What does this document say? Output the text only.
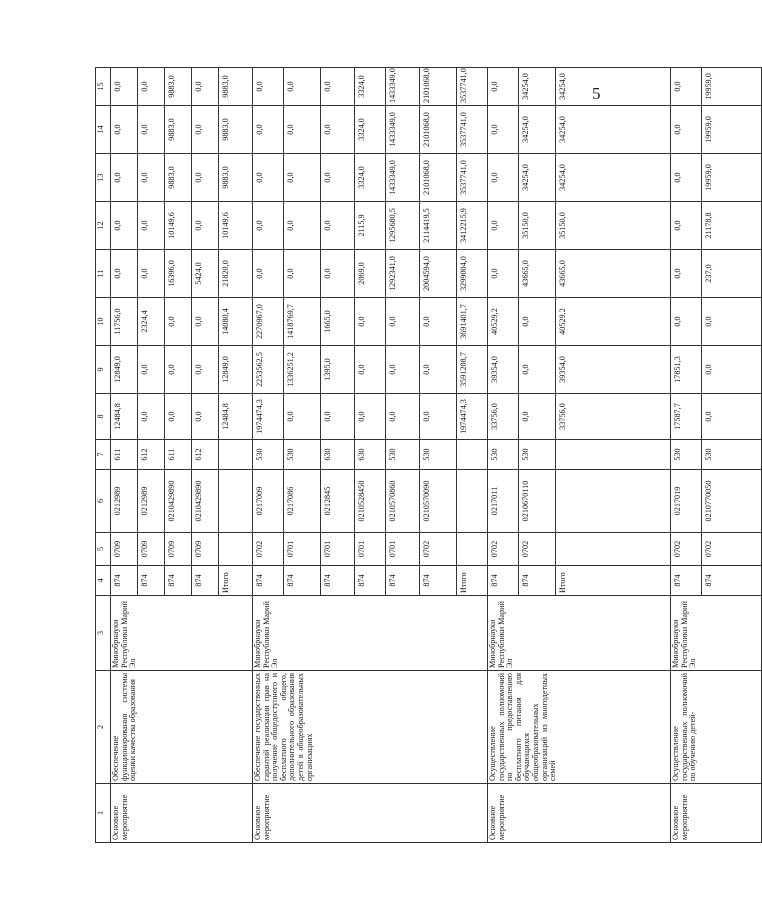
5
1	2	3	4	5	6	7	8	9	10	11	12	13	14	15
Основное мероприятие	Обеспечение функционирования системы оценки качества образования	Минобрнауки Республики Марий Эл	874	0709	0212989	611	12484,8	12849,0	11756,0	0,0	0,0	0,0	0,0	0,0
			874	0709	0212989	612	0,0	0,0	2324,4	0,0	0,0	0,0	0,0	0,0
			874	0709	0210429890	611	0,0	0,0	0,0	16396,0	10149,6	9883,0	9883,0	9883,0
			874	0709	0210429890	612	0,0	0,0	0,0	5424,0	0,0	0,0	0,0	0,0
			Итого				12484,8	12849,0	14080,4	21820,0	10149,6	9883,0	9883,0	9883,0
Основное мероприятие	Обеспечение государственных гарантий реализации прав на получение общедоступного и бесплатного общего, дополнительного образования детей в общеобразовательных организациях	Минобрнауки Республики Марий Эл	874	0702	0217009	530	1974474,3	2253562,5	2270967,0	0,0	0,0	0,0	0,0	0,0
			874	0701	0217086	530	0,0	1336251,2	1418769,7	0,0	0,0	0,0	0,0	0,0
			874	0701	0212845	630	0,0	1395,0	1665,0	0,0	0,0	0,0	0,0	0,0
			874	0701	0210528450	630	0,0	0,0	0,0	2069,0	2115,9	3324,0	3324,0	3324,0
			874	0701	0210570860	530	0,0	0,0	0,0	1292341,0	1295680,5	1433349,0	1433349,0	1433349,0
			874	0702	0210570090	530	0,0	0,0	0,0	2004594,0	2114419,5	2101068,0	2101068,0	2101068,0
			Итого				1974474,3	3591208,7	3691401,7	3299004,0	3412215,9	3537741,0	3537741,0	3537741,0
Основное мероприятие	Осуществление государственных полномочий по предоставлению бесплатного питания для обучающихся общеобразовательных организаций из многодетных семей	Минобрнауки Республики Марий Эл	874	0702	0217011	530	33756,0	39354,0	40529,2	0,0	0,0	0,0	0,0	0,0
			874	0702	0210670110	530	0,0	0,0	0,0	43665,0	35150,0	34254,0	34254,0	34254,0
			Итого				33756,0	39354,0	40529,2	43665,0	35150,0	34254,0	34254,0	34254,0
Основное мероприятие	Осуществление государственных полномочий по обучению детей-	Минобрнауки Республики Марий Эл	874	0702	0217019	530	17587,7	17851,3	0,0	0,0	0,0	0,0	0,0	0,0
			874	0702	0210770050	530	0,0	0,0	0,0	237,0	21178,8	19959,0	19959,0	19959,0
